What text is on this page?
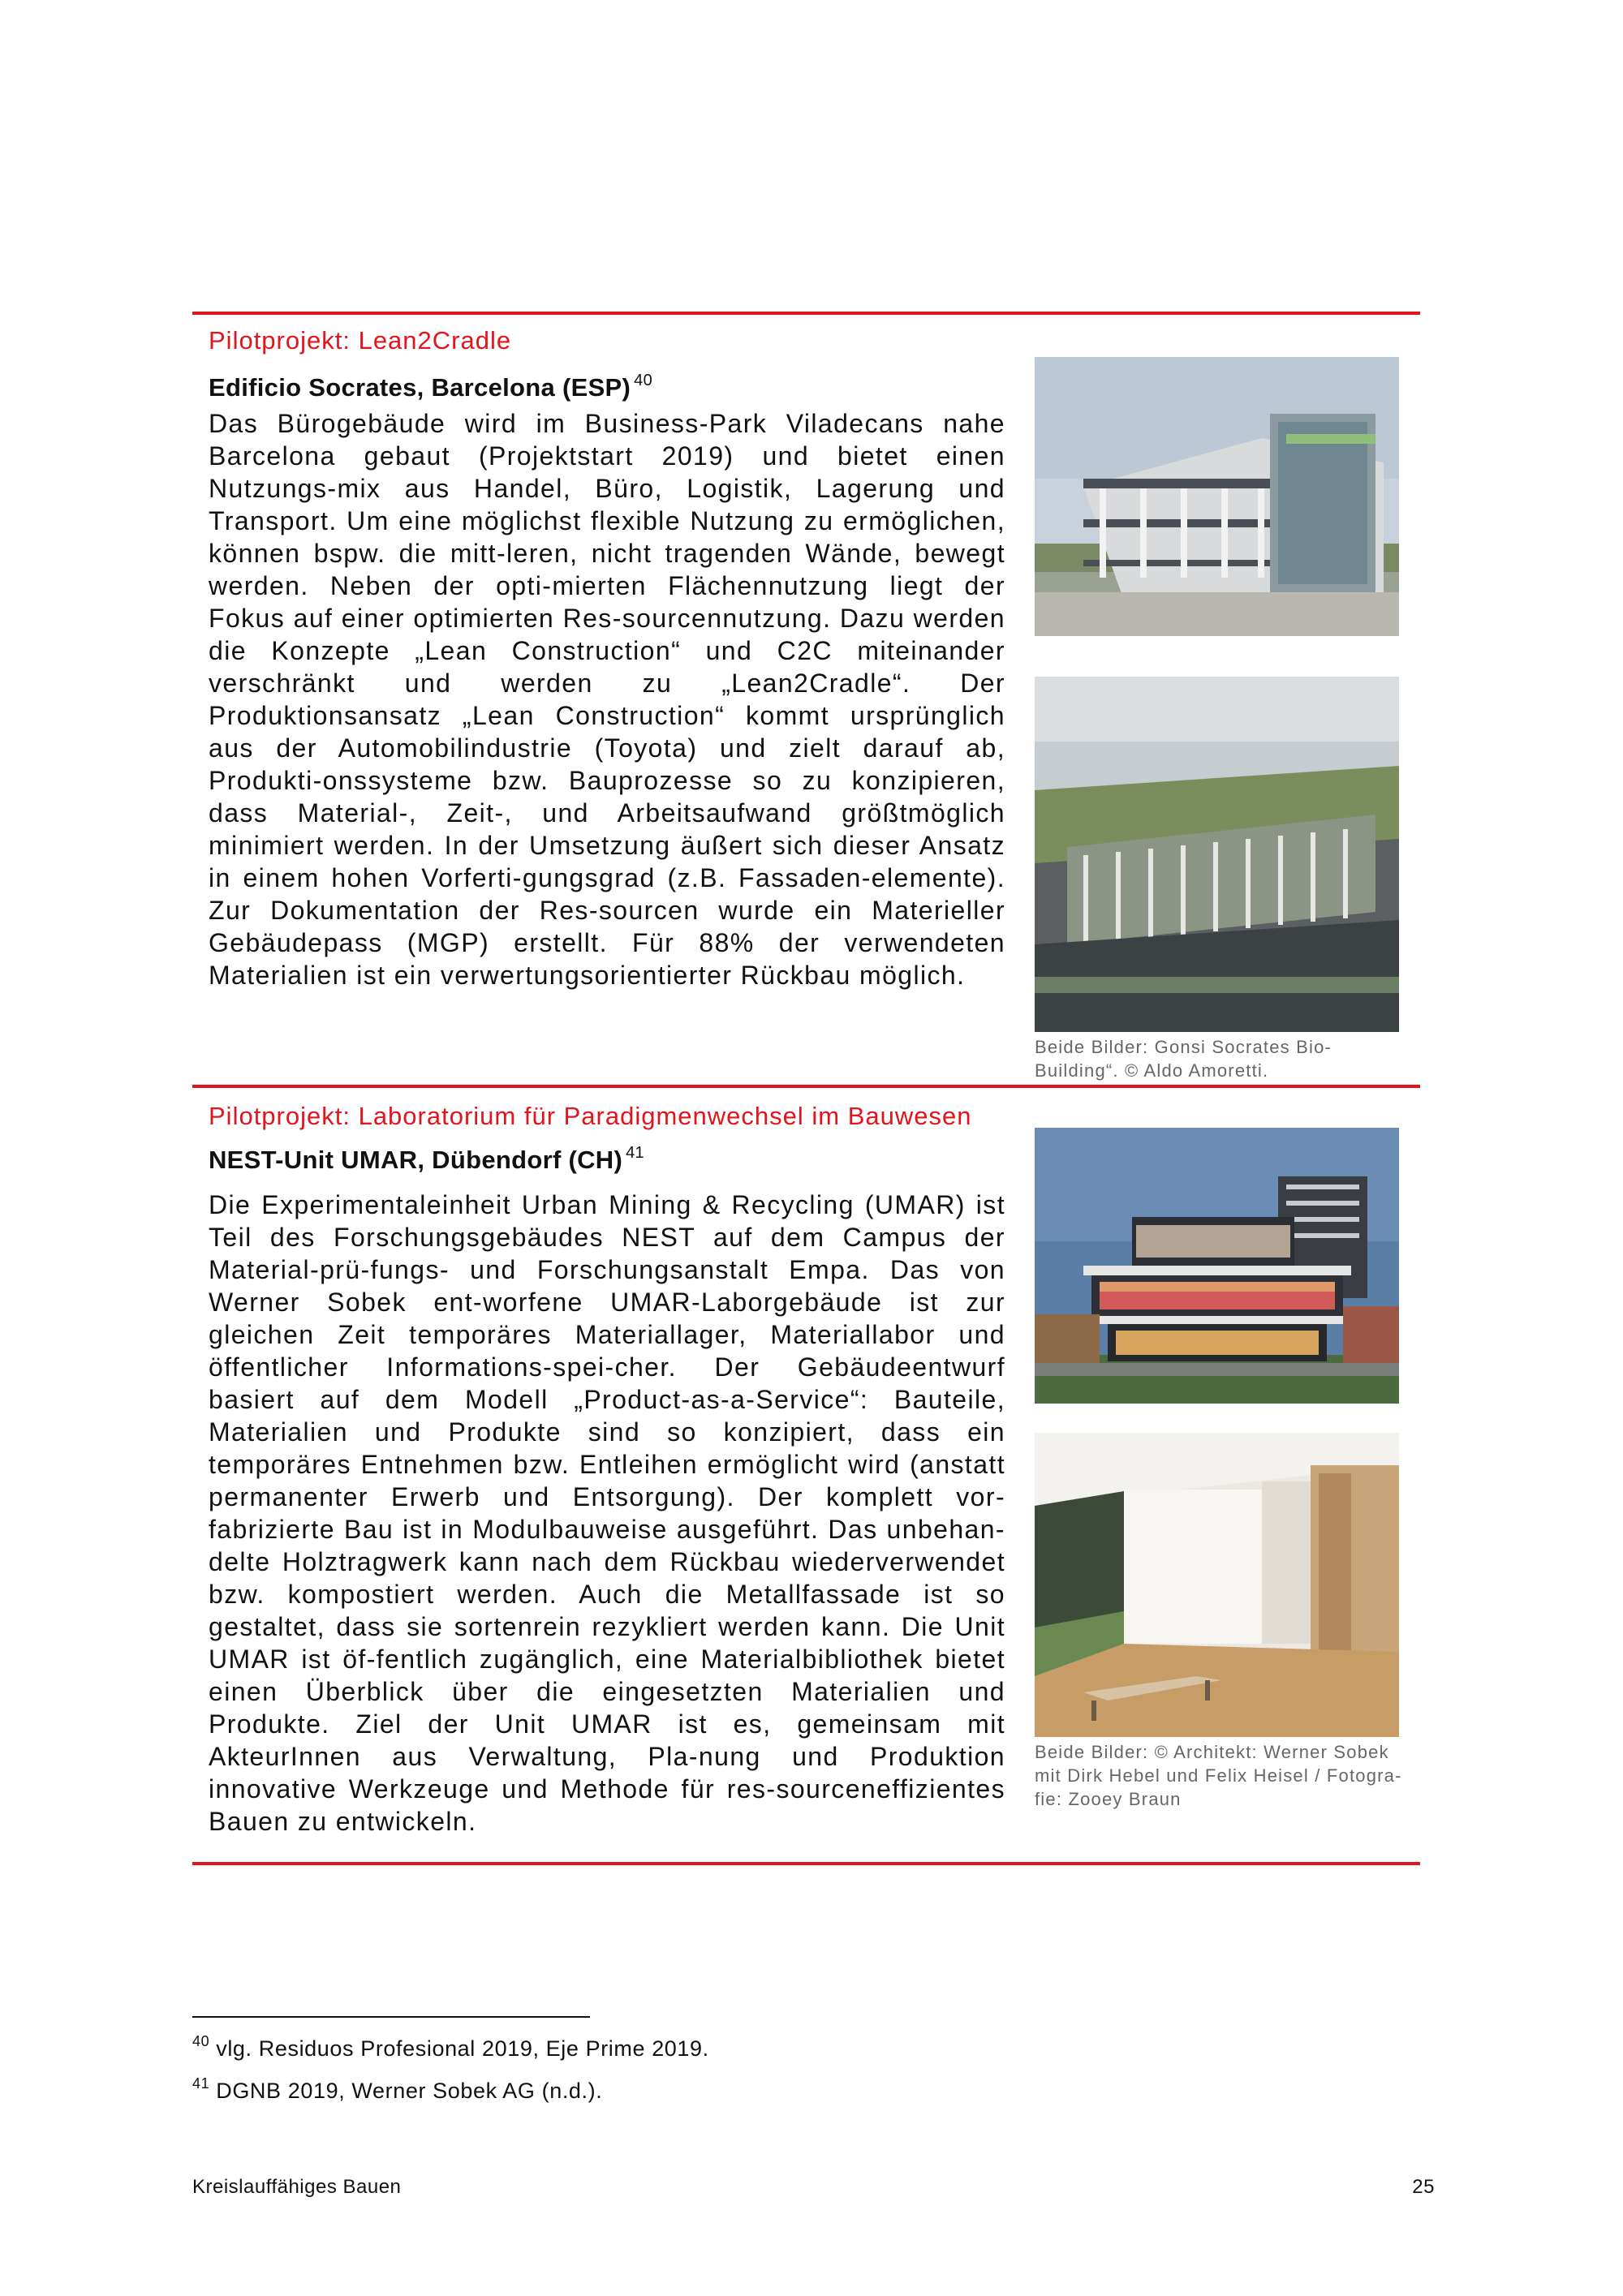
Pilotprojekt: Lean2Cradle
Edificio Socrates, Barcelona (ESP) $^{40}$
Das Bürogebäude wird im Business-Park Viladecans nahe Barcelona gebaut (Projektstart 2019) und bietet einen Nutzungs-mix aus Handel, Büro, Logistik, Lagerung und Transport. Um eine möglichst flexible Nutzung zu ermöglichen, können bspw. die mitt-leren, nicht tragenden Wände, bewegt werden. Neben der opti-mierten Flächennutzung liegt der Fokus auf einer optimierten Res-sourcennutzung. Dazu werden die Konzepte „Lean Construction“ und C2C miteinander verschränkt und werden zu „Lean2Cradle“. Der Produktionsansatz „Lean Construction“ kommt ursprünglich aus der Automobilindustrie (Toyota) und zielt darauf ab, Produkti-onssysteme bzw. Bauprozesse so zu konzipieren, dass Material-, Zeit-, und Arbeitsaufwand größtmöglich minimiert werden. In der Umsetzung äußert sich dieser Ansatz in einem hohen Vorferti-gungsgrad (z.B. Fassaden-elemente). Zur Dokumentation der Res-sourcen wurde ein Materieller Gebäudepass (MGP) erstellt. Für 88% der verwendeten Materialien ist ein verwertungsorientierter Rückbau möglich.
Beide Bilder: Gonsi Socrates Bio-Building“. © Aldo Amoretti.
Pilotprojekt: Laboratorium für Paradigmenwechsel im Bauwesen
NEST-Unit UMAR, Dübendorf (CH) $^{41}$
Die Experimentaleinheit Urban Mining & Recycling (UMAR) ist Teil des Forschungsgebäudes NEST auf dem Campus der Material-prü-fungs- und Forschungsanstalt Empa. Das von Werner Sobek ent-worfene UMAR-Laborgebäude ist zur gleichen Zeit temporäres Materiallager, Materiallabor und öffentlicher Informations-spei-cher. Der Gebäudeentwurf basiert auf dem Modell „Product-as-a-Service“: Bauteile, Materialien und Produkte sind so konzipiert, dass ein temporäres Entnehmen bzw. Entleihen ermöglicht wird (anstatt permanenter Erwerb und Entsorgung). Der komplett vor-fabrizierte Bau ist in Modulbauweise ausgeführt. Das unbehan-delte Holztragwerk kann nach dem Rückbau wiederverwendet bzw. kompostiert werden. Auch die Metallfassade ist so gestaltet, dass sie sortenrein rezykliert werden kann. Die Unit UMAR ist öf-fentlich zugänglich, eine Materialbibliothek bietet einen Überblick über die eingesetzten Materialien und Produkte. Ziel der Unit UMAR ist es, gemeinsam mit AkteurInnen aus Verwaltung, Pla-nung und Produktion innovative Werkzeuge und Methode für res-sourceneffizientes Bauen zu entwickeln.
Beide Bilder: © Architekt: Werner Sobek mit Dirk Hebel und Felix Heisel / Fotogra-fie: Zooey Braun
$^{40}$ vlg. Residuos Profesional 2019, Eje Prime 2019.
$^{41}$ DGNB 2019, Werner Sobek AG (n.d.).
Kreislauffähiges Bauen	25
